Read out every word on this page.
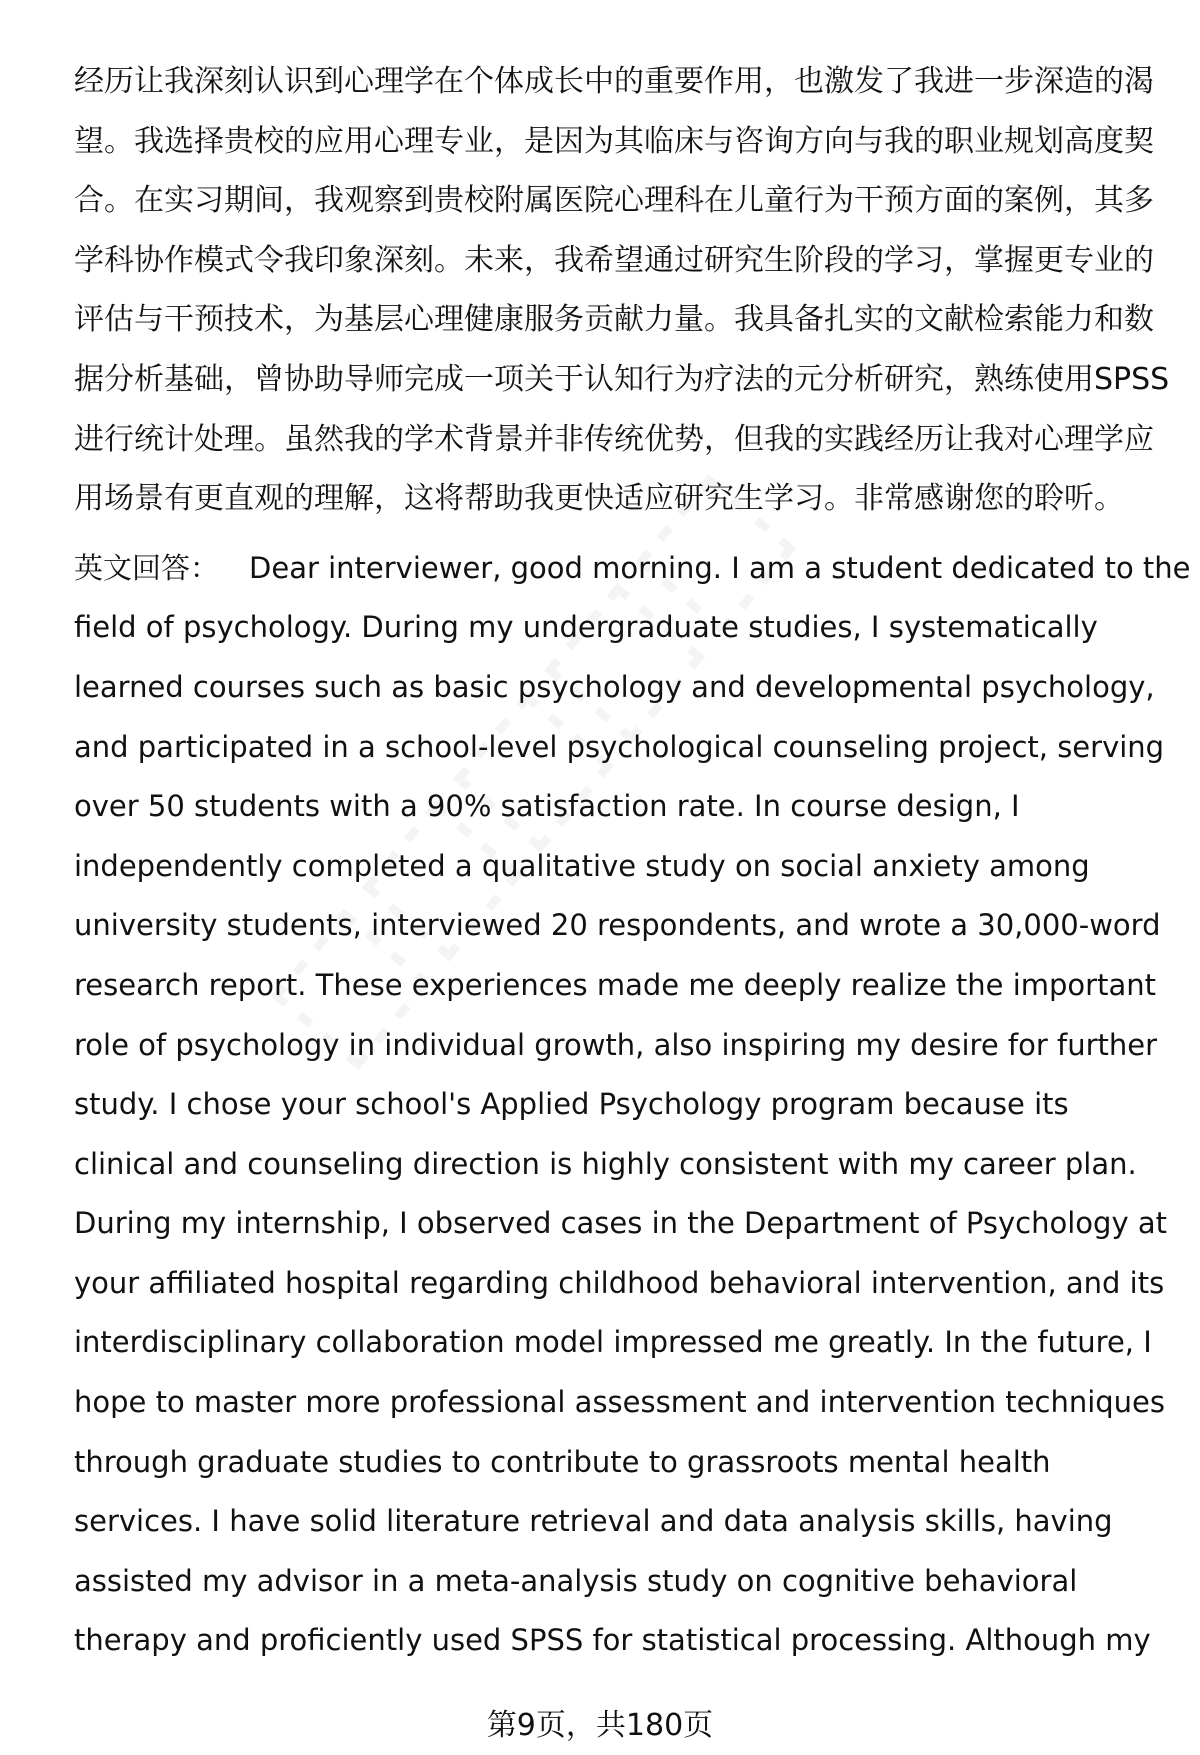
经历让我深刻认识到心理学在个体成长中的重要作用，也激发了我进一步深造的渴
望。我选择贵校的应用心理专业，是因为其临床与咨询方向与我的职业规划高度契
合。在实习期间，我观察到贵校附属医院心理科在儿童行为干预方面的案例，其多
学科协作模式令我印象深刻。未来，我希望通过研究生阶段的学习，掌握更专业的
评估与干预技术，为基层心理健康服务贡献力量。我具备扎实的文献检索能力和数
据分析基础，曾协助导师完成一项关于认知行为疗法的元分析研究，熟练使用SPSS
进行统计处理。虽然我的学术背景并非传统优势，但我的实践经历让我对心理学应
用场景有更直观的理解，这将帮助我更快适应研究生学习。非常感谢您的聆听。
英文回答： Dear interviewer, good morning. I am a student dedicated to the
field of psychology. During my undergraduate studies, I systematically
learned courses such as basic psychology and developmental psychology,
and participated in a school-level psychological counseling project, serving
over 50 students with a 90% satisfaction rate. In course design, I
independently completed a qualitative study on social anxiety among
university students, interviewed 20 respondents, and wrote a 30,000-word
research report. These experiences made me deeply realize the important
role of psychology in individual growth, also inspiring my desire for further
study. I chose your school's Applied Psychology program because its
clinical and counseling direction is highly consistent with my career plan.
During my internship, I observed cases in the Department of Psychology at
your affiliated hospital regarding childhood behavioral intervention, and its
interdisciplinary collaboration model impressed me greatly. In the future, I
hope to master more professional assessment and intervention techniques
through graduate studies to contribute to grassroots mental health
services. I have solid literature retrieval and data analysis skills, having
assisted my advisor in a meta-analysis study on cognitive behavioral
therapy and proficiently used SPSS for statistical processing. Although my
第9页，共180页
